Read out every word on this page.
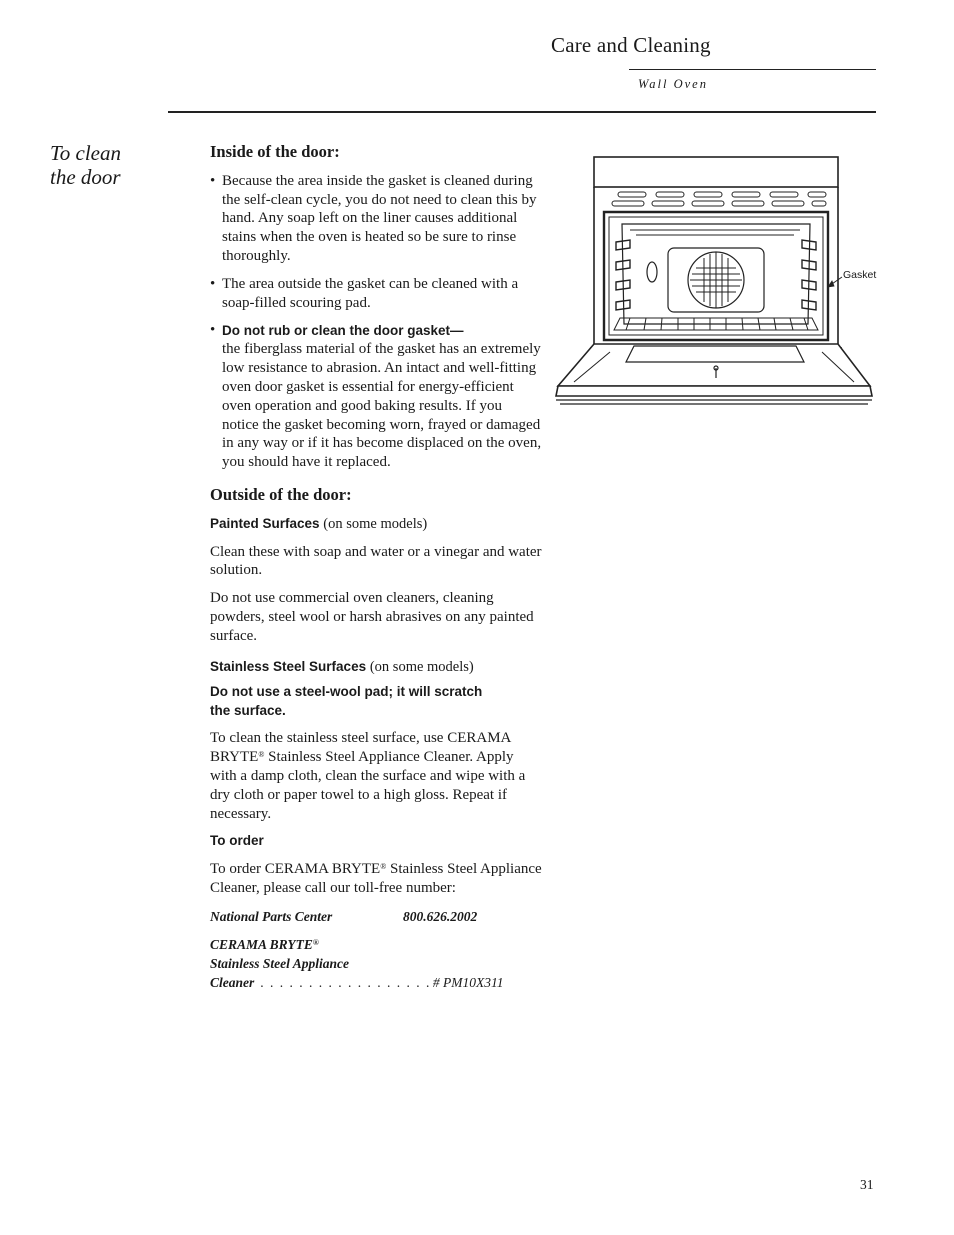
Care and Cleaning
Wall Oven
To clean
the door
Inside of the door:
• Because the area inside the gasket is cleaned during the self-clean cycle, you do not need to clean this by hand. Any soap left on the liner causes additional stains when the oven is heated so be sure to rinse thoroughly.
• The area outside the gasket can be cleaned with a soap-filled scouring pad.
• Do not rub or clean the door gasket—
the fiberglass material of the gasket has an extremely low resistance to abrasion. An intact and well-fitting oven door gasket is essential for energy-efficient oven operation and good baking results. If you notice the gasket becoming worn, frayed or damaged in any way or if it has become displaced on the oven, you should have it replaced.
Outside of the door:
Painted Surfaces (on some models)
Clean these with soap and water or a vinegar and water solution.
Do not use commercial oven cleaners, cleaning powders, steel wool or harsh abrasives on any painted surface.
Stainless Steel Surfaces (on some models)
Do not use a steel-wool pad; it will scratch
the surface.
To clean the stainless steel surface, use CERAMA BRYTE® Stainless Steel Appliance Cleaner. Apply with a damp cloth, clean the surface and wipe with a dry cloth or paper towel to a high gloss. Repeat if necessary.
To order
To order CERAMA BRYTE® Stainless Steel Appliance Cleaner, please call our toll-free number:
National Parts Center	800.626.2002
CERAMA BRYTE®
Stainless Steel Appliance
Cleaner . . . . . . . . . . . . . . . . . . # PM10X311
Gasket
31
